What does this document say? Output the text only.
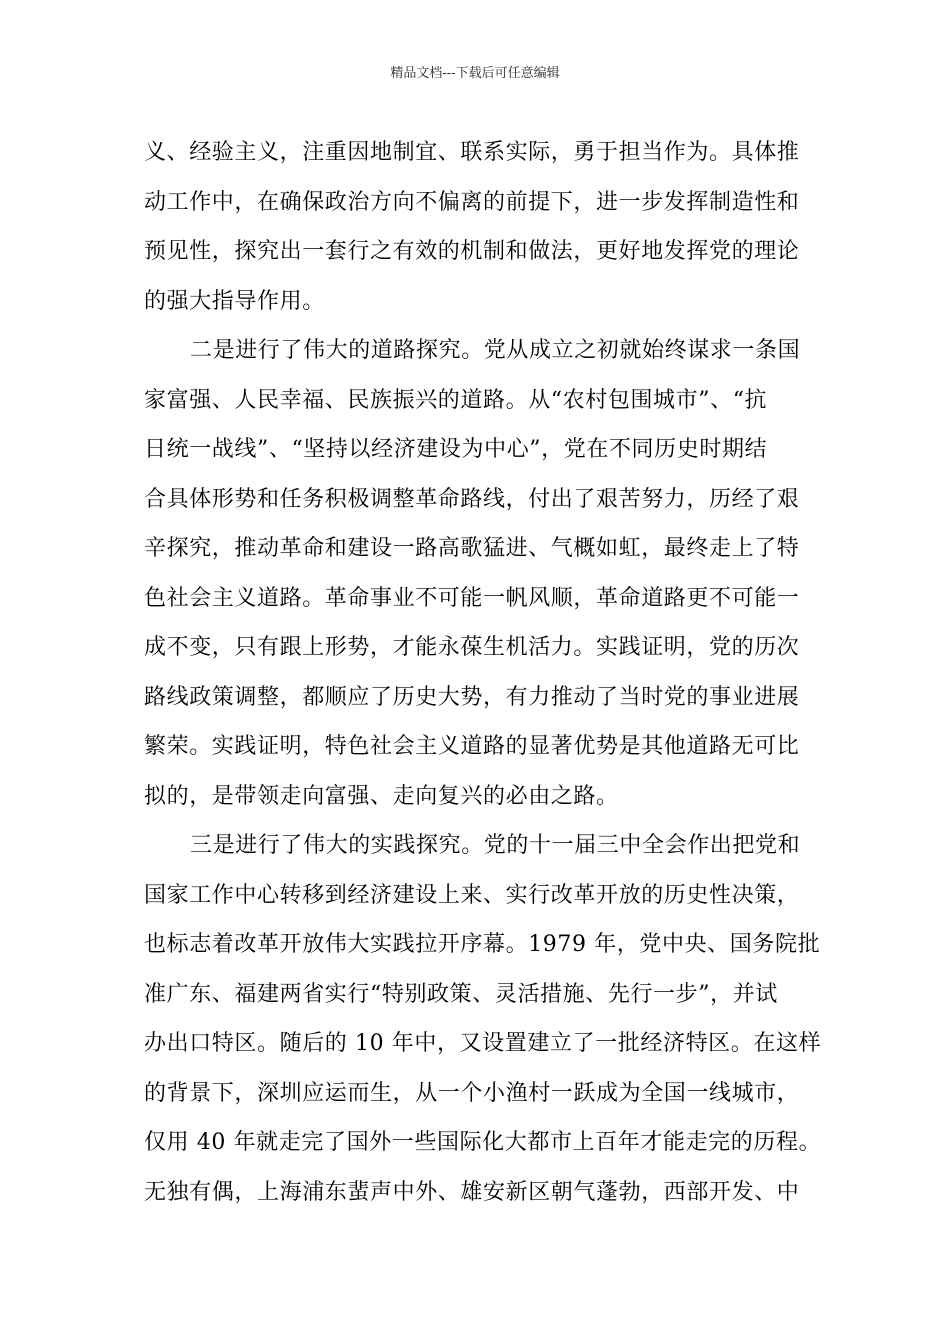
精品文档---下载后可任意编辑
义、经验主义，注重因地制宜、联系实际，勇于担当作为。具体推
动工作中，在确保政治方向不偏离的前提下，进一步发挥制造性和
预见性，探究出一套行之有效的机制和做法，更好地发挥党的理论
的强大指导作用。
二是进行了伟大的道路探究。党从成立之初就始终谋求一条国
家富强、人民幸福、民族振兴的道路。从“农村包围城市”、“抗
日统一战线”、“坚持以经济建设为中心”，党在不同历史时期结
合具体形势和任务积极调整革命路线，付出了艰苦努力，历经了艰
辛探究，推动革命和建设一路高歌猛进、气概如虹，最终走上了特
色社会主义道路。革命事业不可能一帆风顺，革命道路更不可能一
成不变，只有跟上形势，才能永葆生机活力。实践证明，党的历次
路线政策调整，都顺应了历史大势，有力推动了当时党的事业进展
繁荣。实践证明，特色社会主义道路的显著优势是其他道路无可比
拟的，是带领走向富强、走向复兴的必由之路。
三是进行了伟大的实践探究。党的十一届三中全会作出把党和
国家工作中心转移到经济建设上来、实行改革开放的历史性决策，
也标志着改革开放伟大实践拉开序幕。1979 年，党中央、国务院批
准广东、福建两省实行“特别政策、灵活措施、先行一步”，并试
办出口特区。随后的 10 年中，又设置建立了一批经济特区。在这样
的背景下，深圳应运而生，从一个小渔村一跃成为全国一线城市，
仅用 40 年就走完了国外一些国际化大都市上百年才能走完的历程。
无独有偶，上海浦东蜚声中外、雄安新区朝气蓬勃，西部开发、中
